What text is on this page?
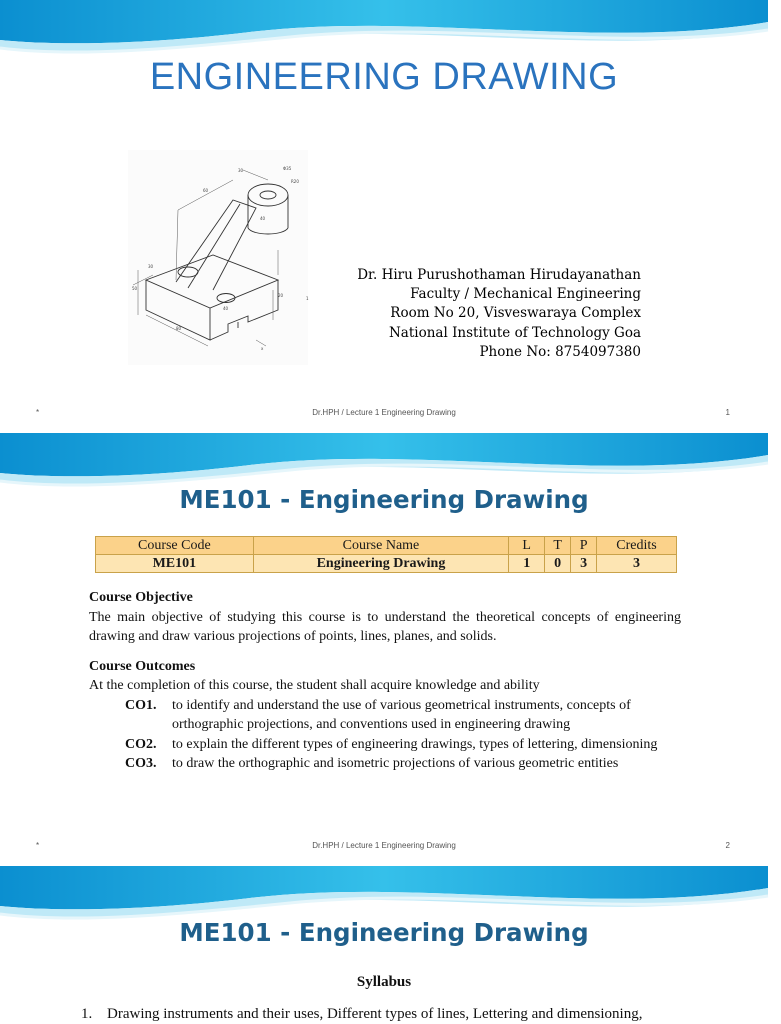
ENGINEERING DRAWING
60
30	Φ35
R20
40
30
50
80
20
40
x
1
Dr. Hiru Purushothaman Hirudayanathan
Faculty / Mechanical Engineering
Room No 20, Visveswaraya Complex
National Institute of Technology Goa
Phone No: 8754097380
*	Dr.HPH / Lecture 1 Engineering Drawing	1
ME101 - Engineering Drawing
Course Code	Course Name	L	T	P	Credits
ME101	Engineering Drawing	1	0	3	3
Course Objective
The main objective of studying this course is to understand the theoretical concepts of engineering drawing and draw various projections of points, lines, planes, and solids.
Course Outcomes
At the completion of this course, the student shall acquire knowledge and ability
CO1.	to identify and understand the use of various geometrical instruments, concepts of orthographic projections, and conventions used in engineering drawing
CO2.	to explain the different types of engineering drawings, types of lettering, dimensioning
CO3.	to draw the orthographic and isometric projections of various geometric entities
*	Dr.HPH / Lecture 1 Engineering Drawing	2
ME101 - Engineering Drawing
Syllabus
1. Drawing instruments and their uses, Different types of lines, Lettering and dimensioning,
